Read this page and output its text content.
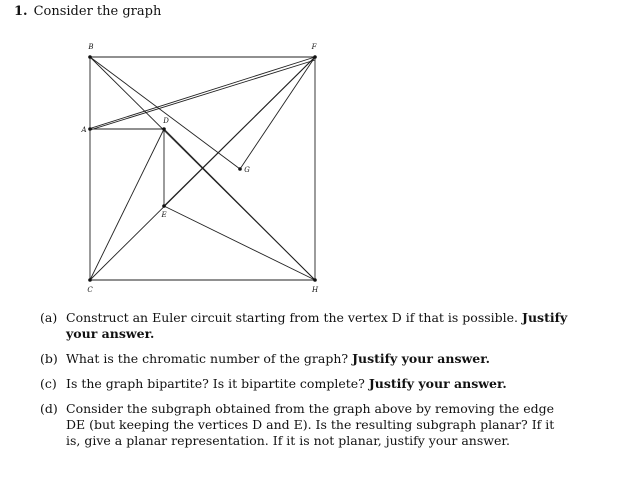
1. Consider the graph
B	F
A
D
G
E
C	H
(a) Construct an Euler circuit starting from the vertex D if that is possible. Justify your answer.
(b) What is the chromatic number of the graph? Justify your answer.
(c) Is the graph bipartite? Is it bipartite complete? Justify your answer.
(d) Consider the subgraph obtained from the graph above by removing the edge DE (but keeping the vertices D and E). Is the resulting subgraph planar? If it is, give a planar representation. If it is not planar, justify your answer.
